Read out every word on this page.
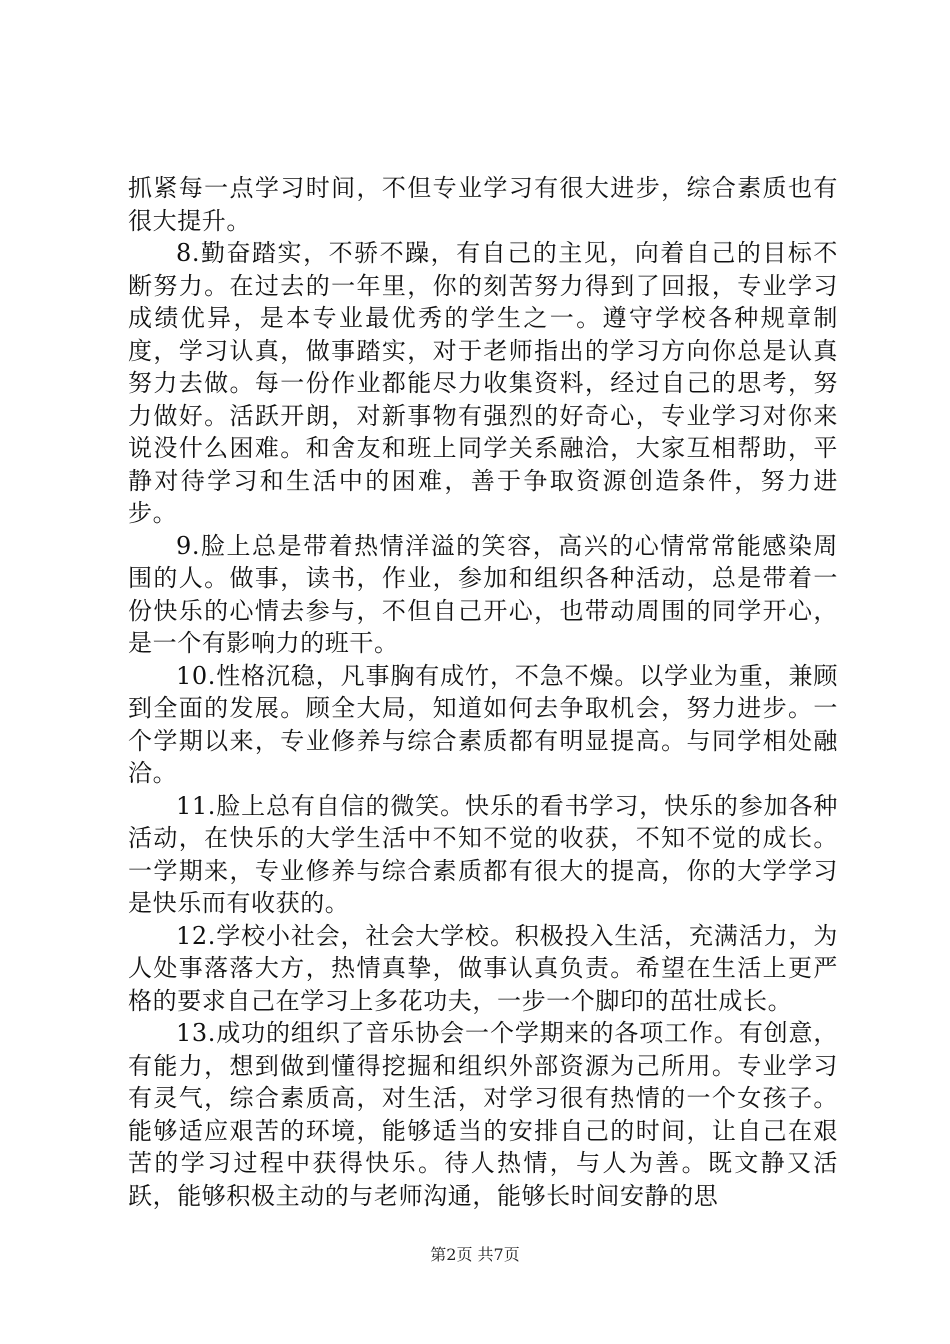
抓紧每一点学习时间，不但专业学习有很大进步，综合素质也有很大提升。

8.勤奋踏实，不骄不躁，有自己的主见，向着自己的目标不断努力。在过去的一年里，你的刻苦努力得到了回报，专业学习成绩优异，是本专业最优秀的学生之一。遵守学校各种规章制度，学习认真，做事踏实，对于老师指出的学习方向你总是认真努力去做。每一份作业都能尽力收集资料，经过自己的思考，努力做好。活跃开朗，对新事物有强烈的好奇心，专业学习对你来说没什么困难。和舍友和班上同学关系融洽，大家互相帮助，平静对待学习和生活中的困难，善于争取资源创造条件，努力进步。

9.脸上总是带着热情洋溢的笑容，高兴的心情常常能感染周围的人。做事，读书，作业，参加和组织各种活动，总是带着一份快乐的心情去参与，不但自己开心，也带动周围的同学开心，是一个有影响力的班干。

10.性格沉稳，凡事胸有成竹，不急不燥。以学业为重，兼顾到全面的发展。顾全大局，知道如何去争取机会，努力进步。一个学期以来，专业修养与综合素质都有明显提高。与同学相处融洽。

11.脸上总有自信的微笑。快乐的看书学习，快乐的参加各种活动，在快乐的大学生活中不知不觉的收获，不知不觉的成长。一学期来，专业修养与综合素质都有很大的提高，你的大学学习是快乐而有收获的。

12.学校小社会，社会大学校。积极投入生活，充满活力，为人处事落落大方，热情真挚，做事认真负责。希望在生活上更严格的要求自己在学习上多花功夫，一步一个脚印的茁壮成长。

13.成功的组织了音乐协会一个学期来的各项工作。有创意，有能力，想到做到懂得挖掘和组织外部资源为己所用。专业学习有灵气，综合素质高，对生活，对学习很有热情的一个女孩子。能够适应艰苦的环境，能够适当的安排自己的时间，让自己在艰苦的学习过程中获得快乐。待人热情，与人为善。既文静又活跃，能够积极主动的与老师沟通，能够长时间安静的思

第2页 共7页
